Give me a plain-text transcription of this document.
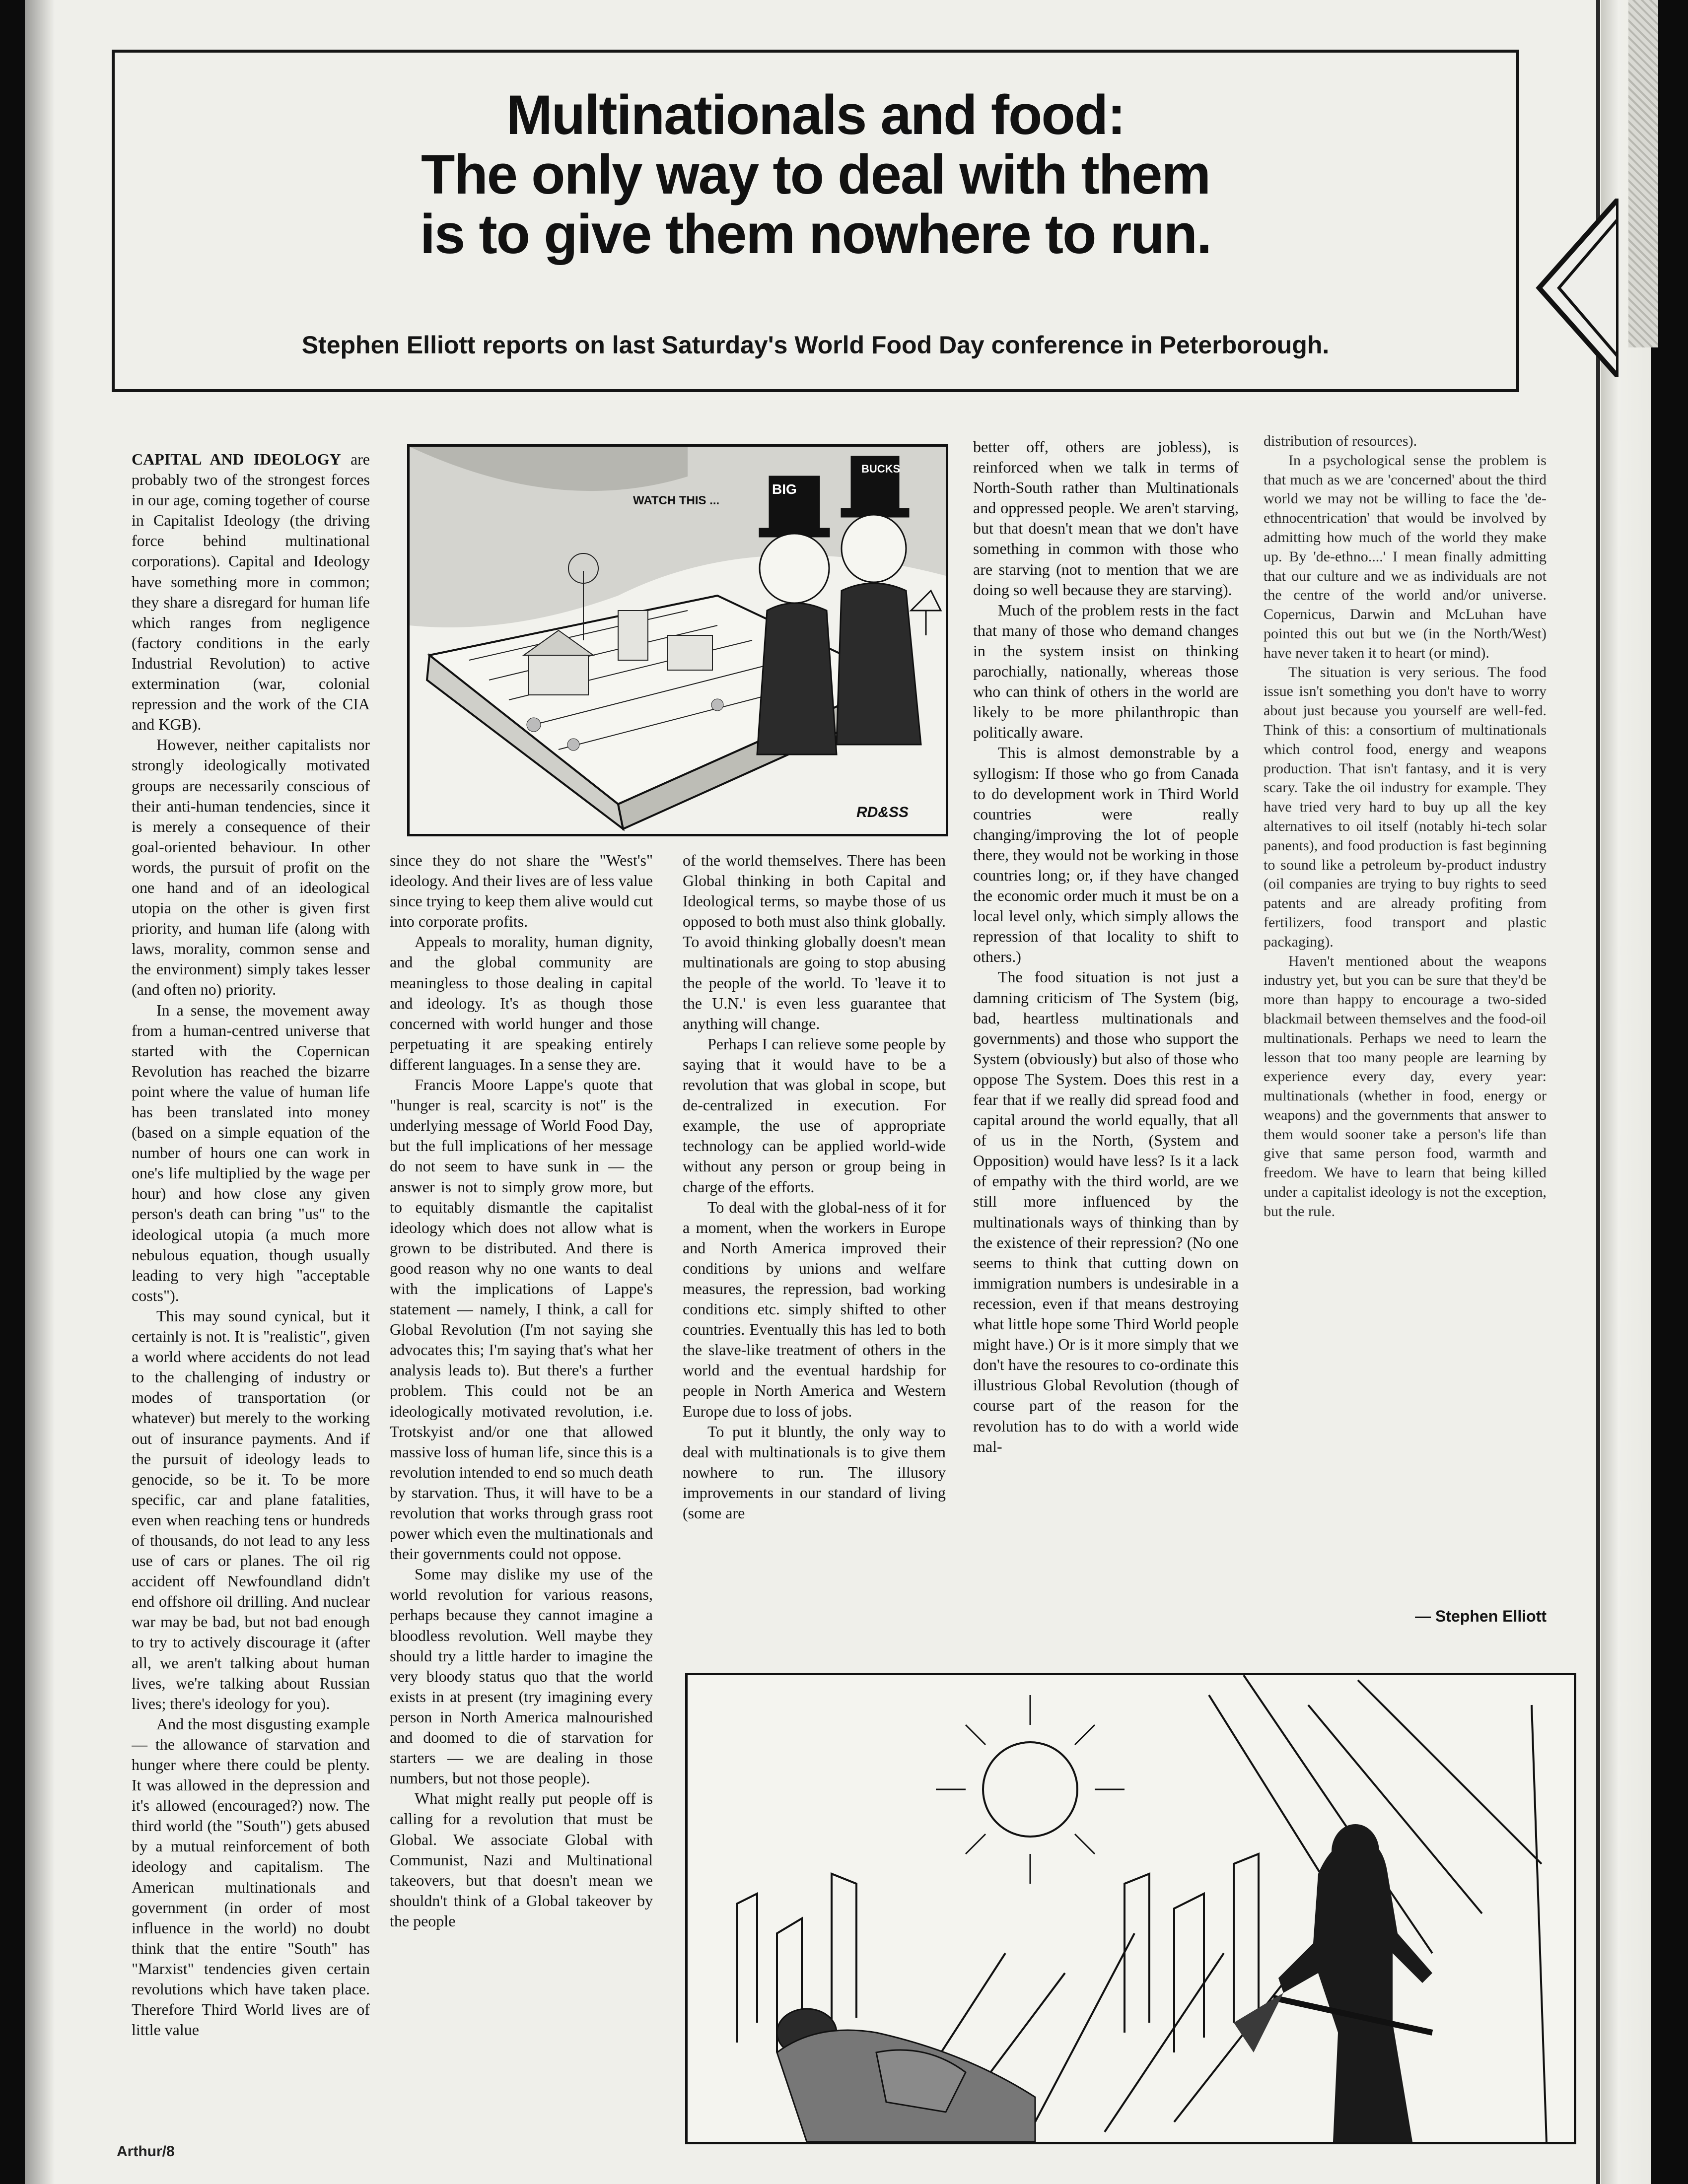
Multinationals and food:
The only way to deal with them
is to give them nowhere to run.
Stephen Elliott reports on last Saturday's World Food Day conference in Peterborough.

CAPITAL AND IDEOLOGY are probably two of the strongest forces in our age, coming together of course in Capitalist Ideology (the driving force behind multinational corporations). Capital and Ideology have something more in common; they share a disregard for human life which ranges from negligence (factory conditions in the early Industrial Revolution) to active extermination (war, colonial repression and the work of the CIA and KGB).

However, neither capitalists nor strongly ideologically motivated groups are necessarily conscious of their anti-human tendencies, since it is merely a consequence of their goal-oriented behaviour. In other words, the pursuit of profit on the one hand and of an ideological utopia on the other is given first priority, and human life (along with laws, morality, common sense and the environment) simply takes lesser (and often no) priority.

In a sense, the movement away from a human-centred universe that started with the Copernican Revolution has reached the bizarre point where the value of human life has been translated into money (based on a simple equation of the number of hours one can work in one's life multiplied by the wage per hour) and how close any given person's death can bring "us" to the ideological utopia (a much more nebulous equation, though usually leading to very high "acceptable costs").

This may sound cynical, but it certainly is not. It is "realistic", given a world where accidents do not lead to the challenging of industry or modes of transportation (or whatever) but merely to the working out of insurance payments. And if the pursuit of ideology leads to genocide, so be it. To be more specific, car and plane fatalities, even when reaching tens or hundreds of thousands, do not lead to any less use of cars or planes. The oil rig accident off Newfoundland didn't end offshore oil drilling. And nuclear war may be bad, but not bad enough to try to actively discourage it (after all, we aren't talking about human lives, we're talking about Russian lives; there's ideology for you).

And the most disgusting example — the allowance of starvation and hunger where there could be plenty. It was allowed in the depression and it's allowed (encouraged?) now. The third world (the "South") gets abused by a mutual reinforcement of both ideology and capitalism. The American multinationals and government (in order of most influence in the world) no doubt think that the entire "South" has "Marxist" tendencies given certain revolutions which have taken place. Therefore Third World lives are of little value

WATCH THIS ...
BIG
BUCKS
RD&SS

since they do not share the "West's" ideology. And their lives are of less value since trying to keep them alive would cut into corporate profits.

Appeals to morality, human dignity, and the global community are meaningless to those dealing in capital and ideology. It's as though those concerned with world hunger and those perpetuating it are speaking entirely different languages. In a sense they are.

Francis Moore Lappe's quote that "hunger is real, scarcity is not" is the underlying message of World Food Day, but the full implications of her message do not seem to have sunk in — the answer is not to simply grow more, but to equitably dismantle the capitalist ideology which does not allow what is grown to be distributed. And there is good reason why no one wants to deal with the implications of Lappe's statement — namely, I think, a call for Global Revolution (I'm not saying she advocates this; I'm saying that's what her analysis leads to). But there's a further problem. This could not be an ideologically motivated revolution, i.e. Trotskyist and/or one that allowed massive loss of human life, since this is a revolution intended to end so much death by starvation. Thus, it will have to be a revolution that works through grass root power which even the multinationals and their governments could not oppose.

Some may dislike my use of the world revolution for various reasons, perhaps because they cannot imagine a bloodless revolution. Well maybe they should try a little harder to imagine the very bloody status quo that the world exists in at present (try imagining every person in North America malnourished and doomed to die of starvation for starters — we are dealing in those numbers, but not those people).

What might really put people off is calling for a revolution that must be Global. We associate Global with Communist, Nazi and Multinational takeovers, but that doesn't mean we shouldn't think of a Global takeover by the people

of the world themselves. There has been Global thinking in both Capital and Ideological terms, so maybe those of us opposed to both must also think globally. To avoid thinking globally doesn't mean multinationals are going to stop abusing the people of the world. To 'leave it to the U.N.' is even less guarantee that anything will change.

Perhaps I can relieve some people by saying that it would have to be a revolution that was global in scope, but de-centralized in execution. For example, the use of appropriate technology can be applied world-wide without any person or group being in charge of the efforts.

To deal with the global-ness of it for a moment, when the workers in Europe and North America improved their conditions by unions and welfare measures, the repression, bad working conditions etc. simply shifted to other countries. Eventually this has led to both the slave-like treatment of others in the world and the eventual hardship for people in North America and Western Europe due to loss of jobs.

To put it bluntly, the only way to deal with multinationals is to give them nowhere to run. The illusory improvements in our standard of living (some are

better off, others are jobless), is reinforced when we talk in terms of North-South rather than Multinationals and oppressed people. We aren't starving, but that doesn't mean that we don't have something in common with those who are starving (not to mention that we are doing so well because they are starving).

Much of the problem rests in the fact that many of those who demand changes in the system insist on thinking parochially, nationally, whereas those who can think of others in the world are likely to be more philanthropic than politically aware.

This is almost demonstrable by a syllogism: If those who go from Canada to do development work in Third World countries were really changing/improving the lot of people there, they would not be working in those countries long; or, if they have changed the economic order much it must be on a local level only, which simply allows the repression of that locality to shift to others.)

The food situation is not just a damning criticism of The System (big, bad, heartless multinationals and governments) and those who support the System (obviously) but also of those who oppose The System. Does this rest in a fear that if we really did spread food and capital around the world equally, that all of us in the North, (System and Opposition) would have less? Is it a lack of empathy with the third world, are we still more influenced by the multinationals ways of thinking than by the existence of their repression? (No one seems to think that cutting down on immigration numbers is undesirable in a recession, even if that means destroying what little hope some Third World people might have.) Or is it more simply that we don't have the resoures to co-ordinate this illustrious Global Revolution (though of course part of the reason for the revolution has to do with a world wide mal-

distribution of resources).

In a psychological sense the problem is that much as we are 'concerned' about the third world we may not be willing to face the 'de-ethnocentrication' that would be involved by admitting how much of the world they make up. By 'de-ethno....' I mean finally admitting that our culture and we as individuals are not the centre of the world and/or universe. Copernicus, Darwin and McLuhan have pointed this out but we (in the North/West) have never taken it to heart (or mind).

The situation is very serious. The food issue isn't something you don't have to worry about just because you yourself are well-fed. Think of this: a consortium of multinationals which control food, energy and weapons production. That isn't fantasy, and it is very scary. Take the oil industry for example. They have tried very hard to buy up all the key alternatives to oil itself (notably hi-tech solar panents), and food production is fast beginning to sound like a petroleum by-product industry (oil companies are trying to buy rights to seed patents and are already profiting from fertilizers, food transport and plastic packaging).

Haven't mentioned about the weapons industry yet, but you can be sure that they'd be more than happy to encourage a two-sided blackmail between themselves and the food-oil multinationals. Perhaps we need to learn the lesson that too many people are learning by experience every day, every year: multinationals (whether in food, energy or weapons) and the governments that answer to them would sooner take a person's life than give that same person food, warmth and freedom. We have to learn that being killed under a capitalist ideology is not the exception, but the rule.

— Stephen Elliott
Arthur/8
